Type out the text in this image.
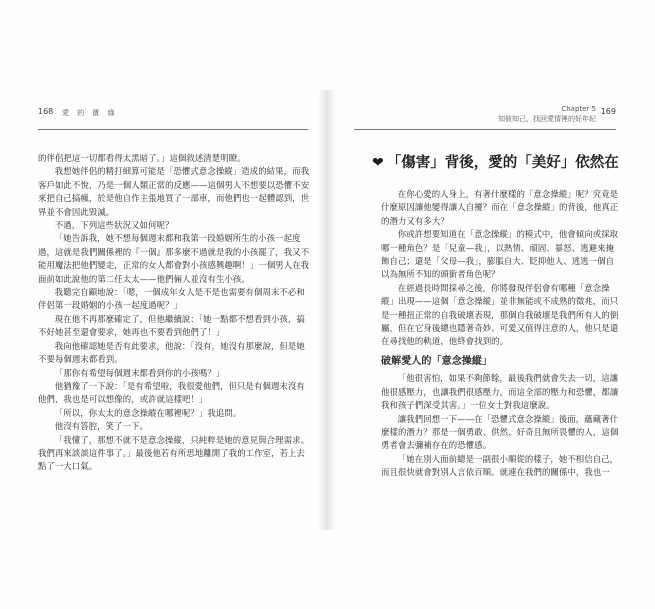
168 愛 的 匱 綠

的伴侶把這一切都看得太黑暗了。」這個敘述清楚明瞭。

我想她伴侶的精打細算可能是「恐懼式意念操縱」造成的結果，而我客戶如此不悅，乃是一個人類正常的反應——這個男人不想要以恐懼不安來把自己搞瘋，於是他自作主張地買了一部車，而他們也一起體認到，世界並不會因此毀滅。

不過，下列這些狀況又如何呢？

「她告訴我，她不想每個週末都和我第一段婚姻所生的小孩一起度過，這就是我們關係裡的『一個』那多麼不過就是我的小孩罷了，我又不能用魔法把他們變走，正常的女人都會對小孩感興趣啊！」一個男人在我面前如此說他的第二任太太——他們倆人並沒有生小孩。

我聽完自顧地說：「嗯，一個成年女人是不是也需要有個周末不必和伴侶第一段婚姻的小孩一起度過呢？」

現在他不再那麼確定了，但他繼續說：「她一點都不想看到小孩，搞不好她甚至還會要求，她再也不要看到他們了！」

我向他確認她是否有此要求，他說：「沒有，她沒有那麼說，但是她不要每個週末都看到。

「那你有希望每個週末都看到你的小孩嗎？」

他猶豫了一下說：「是有希望啦，我很愛他們，但只是有個週末沒有他們，我也是可以想像的，或許就這樣吧！」

「所以，你太太的意念操縱在哪裡呢？」我追問。

他沒有答腔，笑了一下。

「我懂了，那想不就不是意念操縱，只純粹是她的意見與合理需求。我們再來談談這件事了。」最後他若有所思地離開了我的工作室，若上去點了一大口氣。

Chapter 5
知彼知己，找回愛情裡的好年紀
169
❤ 「傷害」背後，愛的「美好」依然在

在你心愛的人身上，有著什麼樣的「意念操縱」呢？究竟是什麼原因讓他變得讓人自擾？而在「意念操縱」的背後，他真正的潛力又有多大？

你或許想要知道在「意念操縱」的模式中，他會傾向或採取哪一種角色？是「兒童—我」，以熱情、頑固、暴怒、逃避來掩飾自己；還是「父母—我」，膨脹自大、眨抑他人、逃逃一個自以為無所不知的頭銜者角色呢？

在經過長時間採尋之後，你將發現伴侶會有哪種「意念操縱」出現——這個「意念操縱」並非無能或不成熟的徵兆，而只是一種扭正常的自我破壞表現，那個自我破壞是我們所有人的倒屬，但在它身後總也隱著奇妙、可愛又值得注意的人，他只是還在尋找他的軌道，他終會找到的。

破解愛人的「意念操縱」

「他很害怕，如果不夠節餘，最後我們就會失去一切，這讓他很感壓力，也讓我們很感壓力，而這全部的壓力和恐懼，都讓我和孩子們深受其害。」一位女士對我這麼說。

讓我們回想一下——在「恐懼式意念操縱」後面，蘊藏著什麼樣的潛力？那是一個勇敢、供然、好奇且無所畏懼的人，這個勇者會去彌補存在的恐懼感。

「她在別人面前總是一副很小順從的樣子，她不相信自己，而且很快就會對別人言依百順。就連在我們的關係中，我也一
